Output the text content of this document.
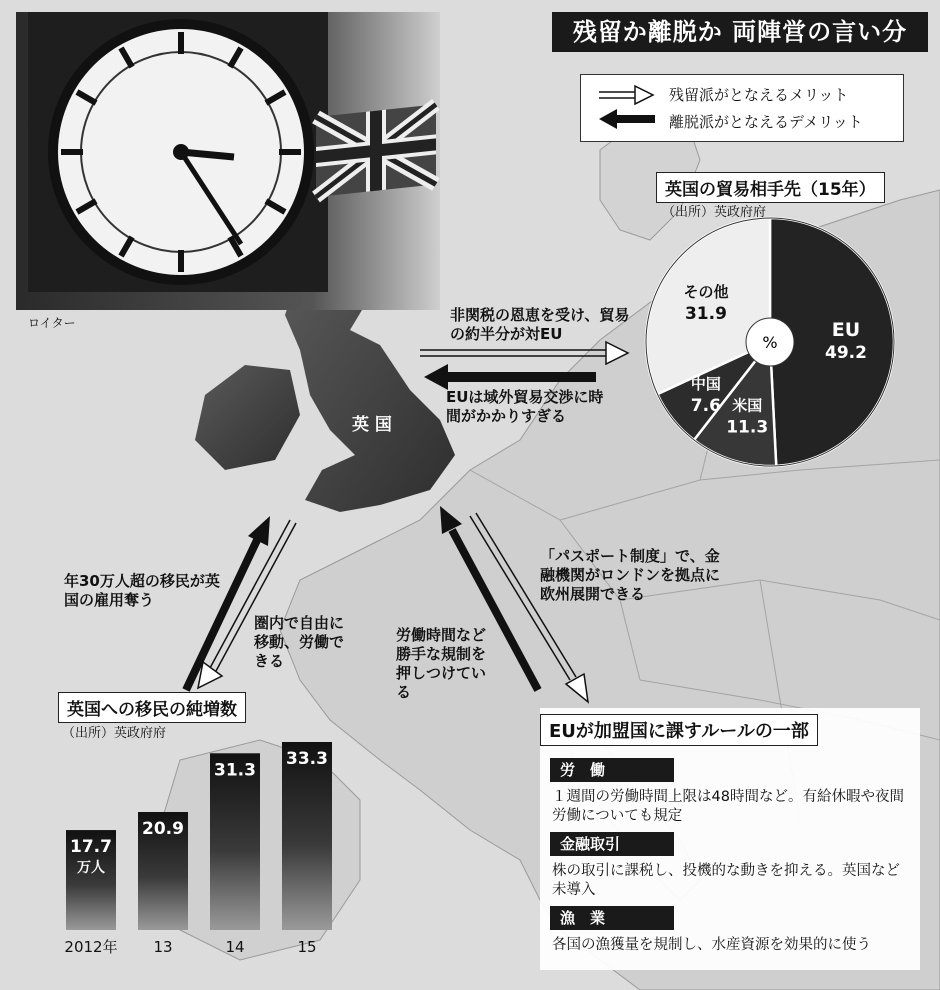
ロイター
残留か離脱か 両陣営の言い分
残留派がとなえるメリット
離脱派がとなえるデメリット
英 国
非関税の恩恵を受け、貿易の約半分が対EU
EUは域外貿易交渉に時間がかかりすぎる
年30万人超の移民が英国の雇用奪う
圏内で自由に移動、労働できる
労働時間など勝手な規制を押しつけている
「パスポート制度」で、金融機関がロンドンを拠点に欧州展開できる
英国の貿易相手先（15年）
（出所）英政府府
EU
49.2
米国
11.3
中国
7.6
その他
31.9
%
英国への移民の純増数
（出所）英政府府
17.7
万人
2012年
20.9
13
31.3
14
33.3
15
EUが加盟国に課すルールの一部
労　働
１週間の労働時間上限は48時間など。有給休暇や夜間労働についても規定
金融取引
株の取引に課税し、投機的な動きを抑える。英国など未導入
漁　業
各国の漁獲量を規制し、水産資源を効果的に使う
